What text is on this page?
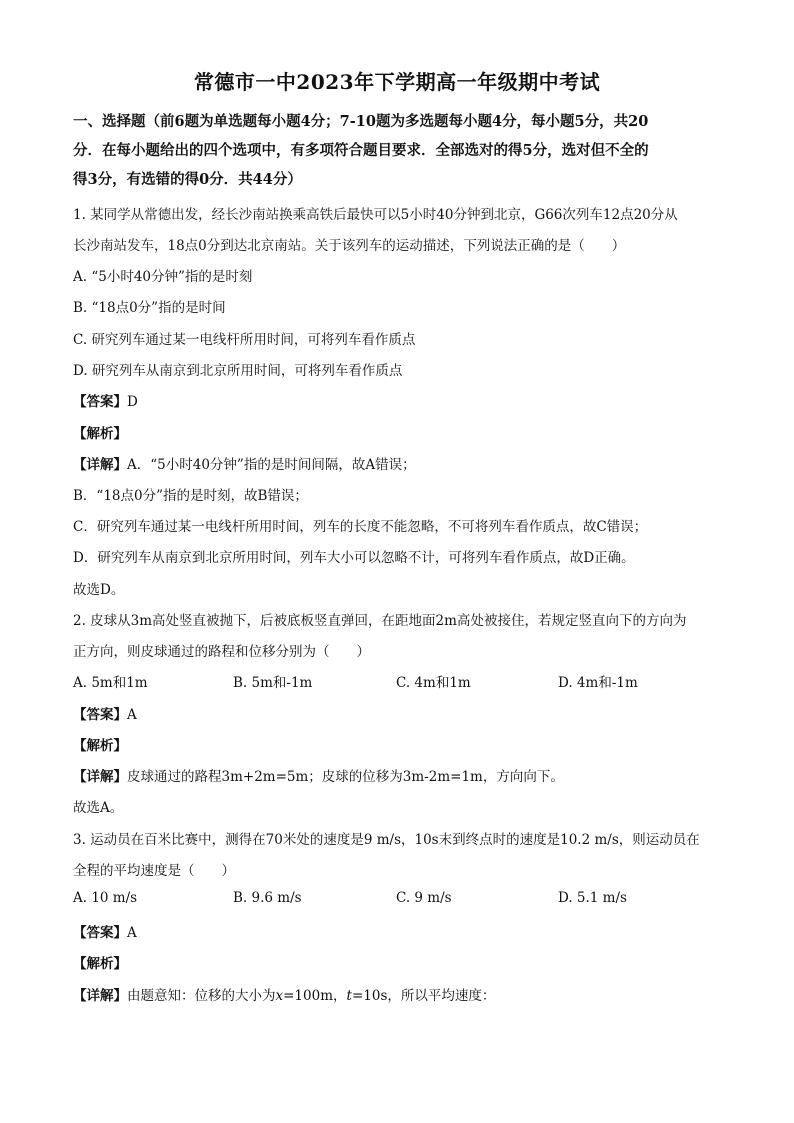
常德市一中2023年下学期高一年级期中考试
一、选择题（前6题为单选题每小题4分；7-10题为多选题每小题4分，每小题5分，共20
分．在每小题给出的四个选项中，有多项符合题目要求．全部选对的得5分，选对但不全的
得3分，有选错的得0分．共44分）
1. 某同学从常德出发，经长沙南站换乘高铁后最快可以5小时40分钟到北京，G66次列车12点20分从
长沙南站发车，18点0分到达北京南站。关于该列车的运动描述，下列说法正确的是（　　）
A. “5小时40分钟”指的是时刻
B. “18点0分”指的是时间
C. 研究列车通过某一电线杆所用时间，可将列车看作质点
D. 研究列车从南京到北京所用时间，可将列车看作质点
【答案】D
【解析】
【详解】A．“5小时40分钟”指的是时间间隔，故A错误；
B．“18点0分”指的是时刻，故B错误；
C．研究列车通过某一电线杆所用时间，列车的长度不能忽略，不可将列车看作质点，故C错误；
D．研究列车从南京到北京所用时间，列车大小可以忽略不计，可将列车看作质点，故D正确。
故选D。
2. 皮球从3m高处竖直被抛下，后被底板竖直弹回，在距地面2m高处被接住，若规定竖直向下的方向为
正方向，则皮球通过的路程和位移分别为（　　）
A. 5m和1m	B. 5m和-1m	C. 4m和1m	D. 4m和-1m
【答案】A
【解析】
【详解】皮球通过的路程3m+2m=5m；皮球的位移为3m-2m=1m，方向向下。
故选A。
3. 运动员在百米比赛中，测得在70米处的速度是9 m/s，10s末到终点时的速度是10.2 m/s，则运动员在
全程的平均速度是（　　）
A. 10 m/s	B. 9.6 m/s	C. 9 m/s	D. 5.1 m/s
【答案】A
【解析】
【详解】由题意知：位移的大小为x=100m，t=10s，所以平均速度：
